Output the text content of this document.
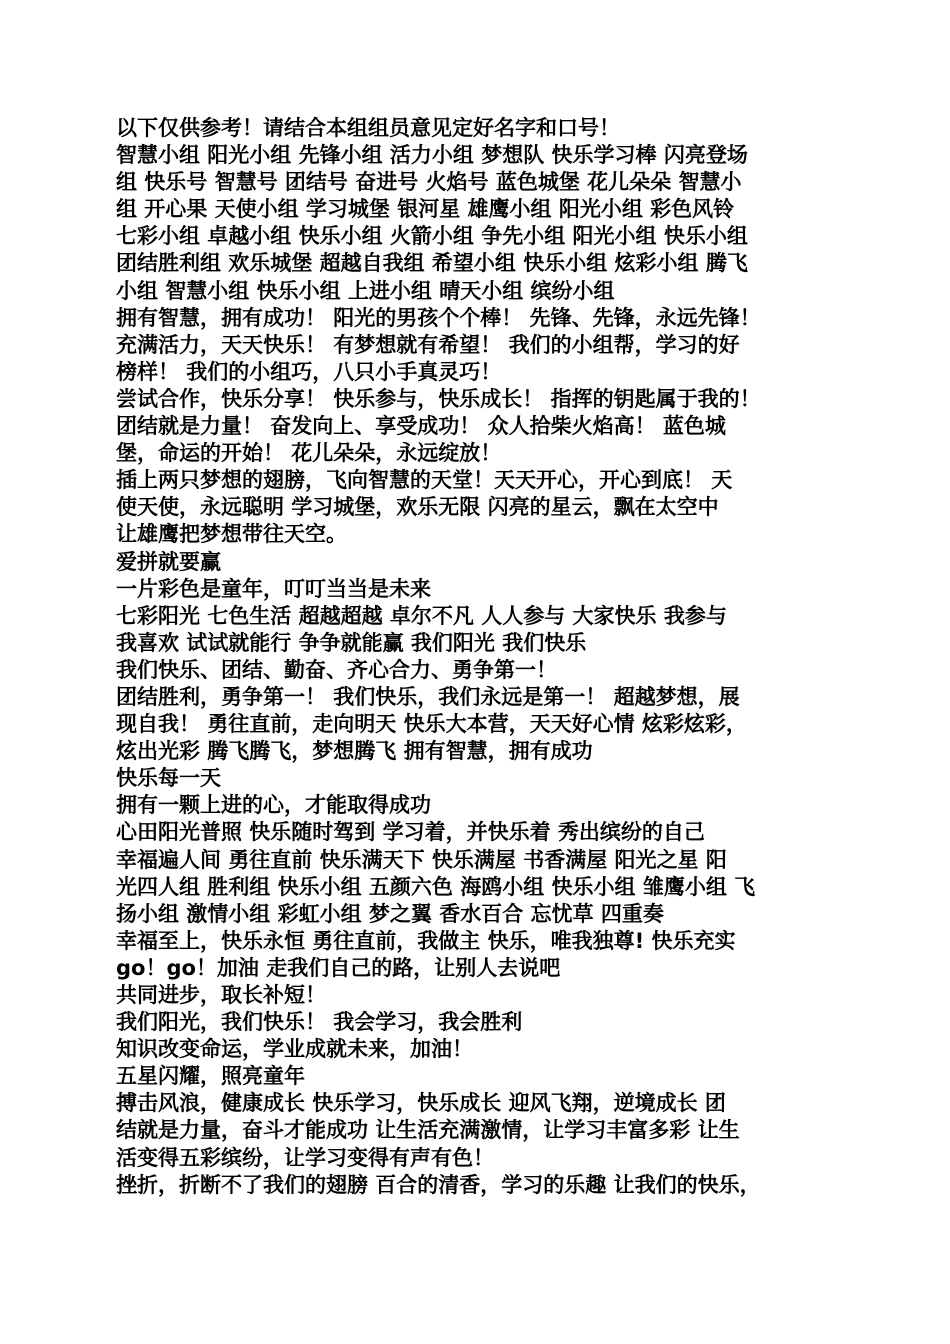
以下仅供参考！请结合本组组员意见定好名字和口号！
智慧小组 阳光小组 先锋小组 活力小组 梦想队 快乐学习棒 闪亮登场
组 快乐号 智慧号 团结号 奋进号 火焰号 蓝色城堡 花儿朵朵 智慧小
组 开心果 天使小组 学习城堡 银河星 雄鹰小组 阳光小组 彩色风铃
七彩小组 卓越小组 快乐小组 火箭小组 争先小组 阳光小组 快乐小组
团结胜利组 欢乐城堡 超越自我组 希望小组 快乐小组 炫彩小组 腾飞
小组 智慧小组 快乐小组 上进小组 晴天小组 缤纷小组
拥有智慧，拥有成功！ 阳光的男孩个个棒！ 先锋、先锋，永远先锋！
充满活力，天天快乐！ 有梦想就有希望！ 我们的小组帮，学习的好
榜样！ 我们的小组巧，八只小手真灵巧！
尝试合作，快乐分享！ 快乐参与，快乐成长！ 指挥的钥匙属于我的！
团结就是力量！ 奋发向上、享受成功！ 众人拾柴火焰高！ 蓝色城
堡，命运的开始！ 花儿朵朵，永远绽放！
插上两只梦想的翅膀，飞向智慧的天堂！天天开心，开心到底！ 天
使天使，永远聪明 学习城堡，欢乐无限 闪亮的星云，飘在太空中
让雄鹰把梦想带往天空。
爱拼就要赢
一片彩色是童年，叮叮当当是未来
七彩阳光 七色生活 超越超越 卓尔不凡 人人参与 大家快乐 我参与
我喜欢 试试就能行 争争就能赢 我们阳光 我们快乐
我们快乐、团结、勤奋、齐心合力、勇争第一！
团结胜利，勇争第一！ 我们快乐，我们永远是第一！ 超越梦想，展
现自我！ 勇往直前，走向明天 快乐大本营，天天好心情 炫彩炫彩，
炫出光彩 腾飞腾飞，梦想腾飞 拥有智慧，拥有成功
快乐每一天
拥有一颗上进的心，才能取得成功
心田阳光普照 快乐随时驾到 学习着，并快乐着 秀出缤纷的自己
幸福遍人间 勇往直前 快乐满天下 快乐满屋 书香满屋 阳光之星 阳
光四人组 胜利组 快乐小组 五颜六色 海鸥小组 快乐小组 雏鹰小组 飞
扬小组 激情小组 彩虹小组 梦之翼 香水百合 忘忧草 四重奏
幸福至上，快乐永恒 勇往直前，我做主 快乐，唯我独尊! 快乐充实
go！go！加油 走我们自己的路，让别人去说吧
共同进步，取长补短！
我们阳光，我们快乐！ 我会学习，我会胜利
知识改变命运，学业成就未来，加油！
五星闪耀，照亮童年
搏击风浪，健康成长 快乐学习，快乐成长 迎风飞翔，逆境成长 团
结就是力量，奋斗才能成功 让生活充满激情，让学习丰富多彩 让生
活变得五彩缤纷，让学习变得有声有色！
挫折，折断不了我们的翅膀 百合的清香，学习的乐趣 让我们的快乐，
